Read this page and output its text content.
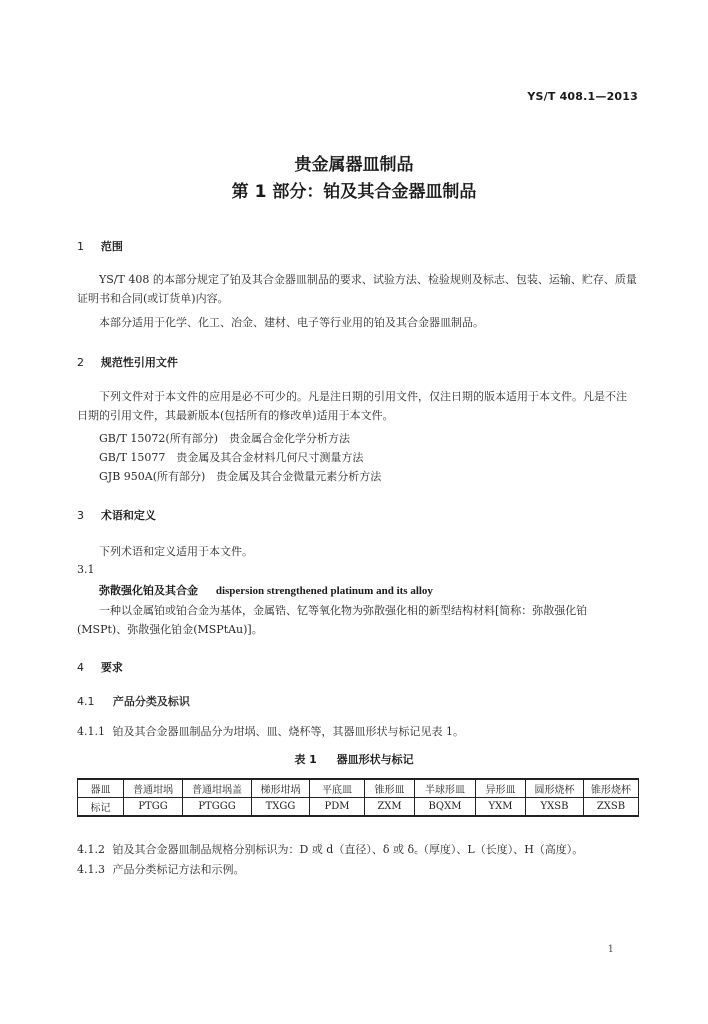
YS/T 408.1—2013
贵金属器皿制品
第 1 部分：铂及其合金器皿制品
1 范围
YS/T 408 的本部分规定了铂及其合金器皿制品的要求、试验方法、检验规则及标志、包装、运输、贮存、质量证明书和合同(或订货单)内容。
本部分适用于化学、化工、冶金、建材、电子等行业用的铂及其合金器皿制品。
2 规范性引用文件
下列文件对于本文件的应用是必不可少的。凡是注日期的引用文件，仅注日期的版本适用于本文件。凡是不注日期的引用文件，其最新版本(包括所有的修改单)适用于本文件。
GB/T 15072(所有部分)　贵金属合金化学分析方法
GB/T 15077　贵金属及其合金材料几何尺寸测量方法
GJB 950A(所有部分)　贵金属及其合金微量元素分析方法
3 术语和定义
下列术语和定义适用于本文件。
3.1
弥散强化铂及其合金 dispersion strengthened platinum and its alloy
一种以金属铂或铂合金为基体，金属锆、钇等氧化物为弥散强化相的新型结构材料[简称：弥散强化铂(MSPt)、弥散强化铂金(MSPtAu)]。
4 要求
4.1 产品分类及标识
4.1.1 铂及其合金器皿制品分为坩埚、皿、烧杯等，其器皿形状与标记见表 1。
表 1 器皿形状与标记
器皿	普通坩埚	普通坩埚盖	梯形坩埚	平底皿	锥形皿	半球形皿	异形皿	圆形烧杯	锥形烧杯
标记	PTGG	PTGGG	TXGG	PDM	ZXM	BQXM	YXM	YXSB	ZXSB
4.1.2 铂及其合金器皿制品规格分别标识为：D 或 d（直径）、δ 或 δ꜀（厚度）、L（长度）、H（高度）。
4.1.3 产品分类标记方法和示例。
1
